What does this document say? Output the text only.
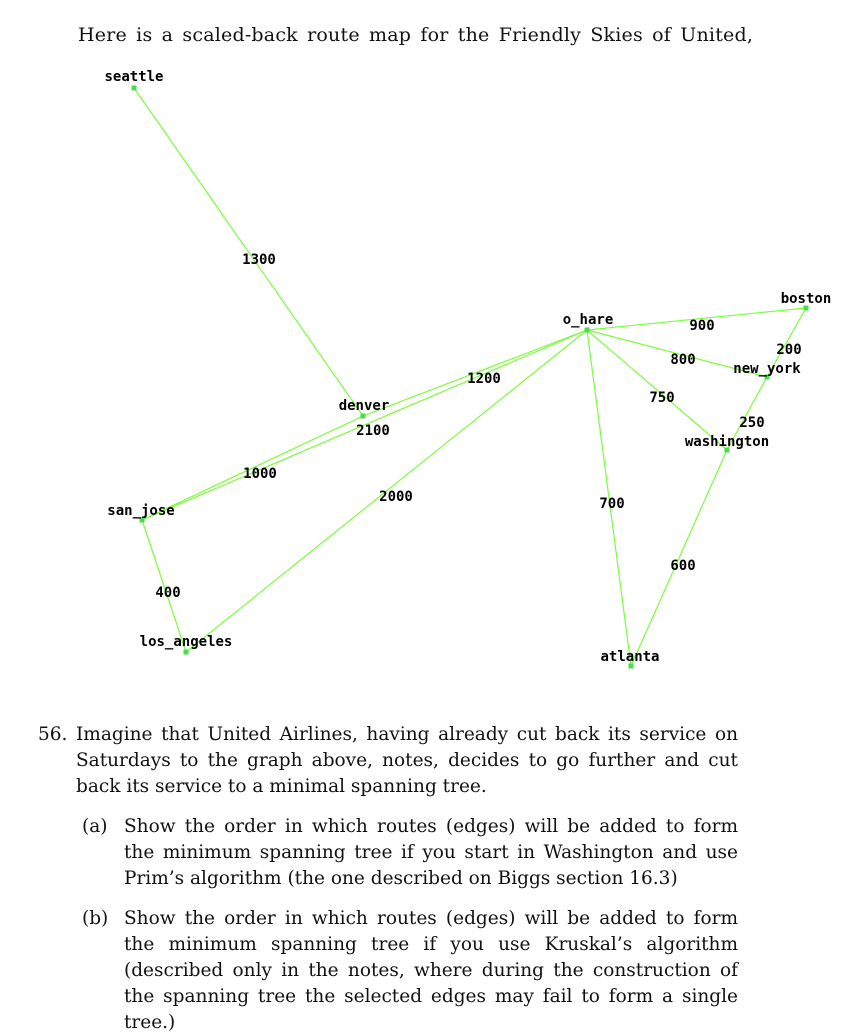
Here is a scaled-back route map for the Friendly Skies of United,
seattle
denver
o_hare
boston
new_york
washington
san_jose
los_angeles
atlanta
1300
1200
2100
1000
2000
400
900
800
200
750
250
700
600
56. Imagine that United Airlines, having already cut back its service on Saturdays to the graph above, notes, decides to go further and cut back its service to a minimal spanning tree.
(a) Show the order in which routes (edges) will be added to form the minimum spanning tree if you start in Washington and use Prim’s algorithm (the one described on Biggs section 16.3)
(b) Show the order in which routes (edges) will be added to form the minimum spanning tree if you use Kruskal’s algorithm (described only in the notes, where during the construction of the spanning tree the selected edges may fail to form a single tree.)
